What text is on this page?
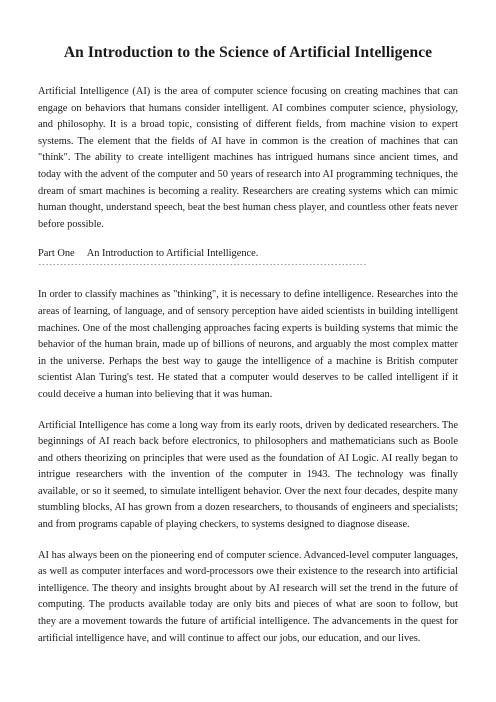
An Introduction to the Science of Artificial Intelligence

Artificial Intelligence (AI) is the area of computer science focusing on creating machines that can engage on behaviors that humans consider intelligent. AI combines computer science, physiology, and philosophy. It is a broad topic, consisting of different fields, from machine vision to expert systems. The element that the fields of AI have in common is the creation of machines that can "think". The ability to create intelligent machines has intrigued humans since ancient times, and today with the advent of the computer and 50 years of research into AI programming techniques, the dream of smart machines is becoming a reality. Researchers are creating systems which can mimic human thought, understand speech, beat the best human chess player, and countless other feats never before possible.

Part One An Introduction to Artificial Intelligence.
-------------------------------------------------------------------------------------------

In order to classify machines as "thinking", it is necessary to define intelligence. Researches into the areas of learning, of language, and of sensory perception have aided scientists in building intelligent machines. One of the most challenging approaches facing experts is building systems that mimic the behavior of the human brain, made up of billions of neurons, and arguably the most complex matter in the universe. Perhaps the best way to gauge the intelligence of a machine is British computer scientist Alan Turing's test. He stated that a computer would deserves to be called intelligent if it could deceive a human into believing that it was human.

Artificial Intelligence has come a long way from its early roots, driven by dedicated researchers. The beginnings of AI reach back before electronics, to philosophers and mathematicians such as Boole and others theorizing on principles that were used as the foundation of AI Logic. AI really began to intrigue researchers with the invention of the computer in 1943. The technology was finally available, or so it seemed, to simulate intelligent behavior. Over the next four decades, despite many stumbling blocks, AI has grown from a dozen researchers, to thousands of engineers and specialists; and from programs capable of playing checkers, to systems designed to diagnose disease.

AI has always been on the pioneering end of computer science. Advanced-level computer languages, as well as computer interfaces and word-processors owe their existence to the research into artificial intelligence. The theory and insights brought about by AI research will set the trend in the future of computing. The products available today are only bits and pieces of what are soon to follow, but they are a movement towards the future of artificial intelligence. The advancements in the quest for artificial intelligence have, and will continue to affect our jobs, our education, and our lives.
